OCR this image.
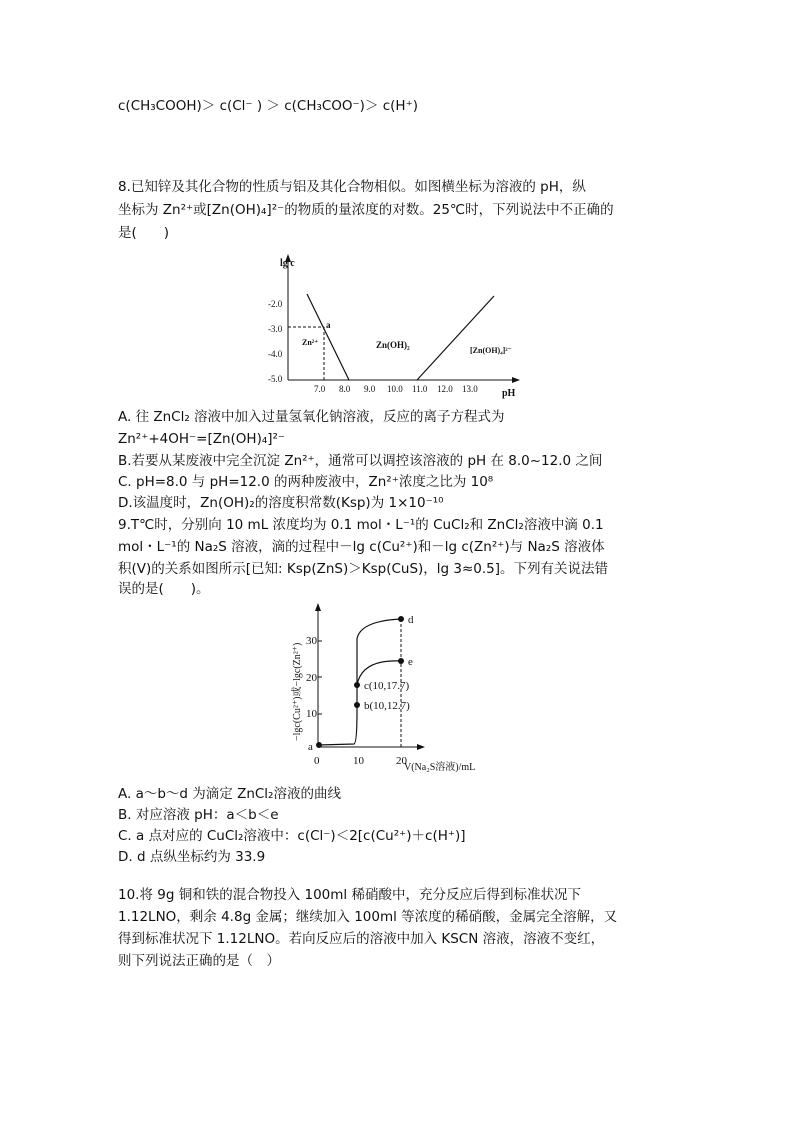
c(CH₃COOH)＞ c(Cl⁻ ) ＞ c(CH₃COO⁻)＞ c(H⁺)
8.已知锌及其化合物的性质与铝及其化合物相似。如图横坐标为溶液的 pH，纵
坐标为 Zn²⁺或[Zn(OH)₄]²⁻的物质的量浓度的对数。25℃时，下列说法中不正确的
是(　　)
lg c
pH
-2.0
-3.0
-4.0
-5.0
7.0 8.0 9.0 10.0 11.0 12.0 13.0
a
Zn²⁺	Zn(OH)₂
[Zn(OH)₄]²⁻
A. 往 ZnCl₂ 溶液中加入过量氢氧化钠溶液，反应的离子方程式为
Zn²⁺+4OH⁻=[Zn(OH)₄]²⁻
B.若要从某废液中完全沉淀 Zn²⁺，通常可以调控该溶液的 pH 在 8.0~12.0 之间
C. pH=8.0 与 pH=12.0 的两种废液中，Zn²⁺浓度之比为 10⁸
D.该温度时，Zn(OH)₂的溶度积常数(Ksp)为 1×10⁻¹⁰
9.T℃时，分别向 10 mL 浓度均为 0.1 mol・L⁻¹的 CuCl₂和 ZnCl₂溶液中滴 0.1
mol・L⁻¹的 Na₂S 溶液，滴的过程中－lg c(Cu²⁺)和－lg c(Zn²⁺)与 Na₂S 溶液体
积(V)的关系如图所示[已知: Ksp(ZnS)＞Ksp(CuS)，lg 3≈0.5]。下列有关说法错
误的是(　　)。
10
20
30
0	10	20
V(Na₂S溶液)/mL
−lgc(Cu²⁺)或−lgc(Zn²⁺)
a
b(10,12.7)
c(10,17.7)
d
e
A. a～b～d 为滴定 ZnCl₂溶液的曲线
B. 对应溶液 pH：a＜b＜e
C. a 点对应的 CuCl₂溶液中：c(Cl⁻)＜2[c(Cu²⁺)＋c(H⁺)]
D. d 点纵坐标约为 33.9
10.将 9g 铜和铁的混合物投入 100ml 稀硝酸中，充分反应后得到标准状况下
1.12LNO，剩余 4.8g 金属；继续加入 100ml 等浓度的稀硝酸，金属完全溶解，又
得到标准状况下 1.12LNO。若向反应后的溶液中加入 KSCN 溶液，溶液不变红，
则下列说法正确的是（　）
